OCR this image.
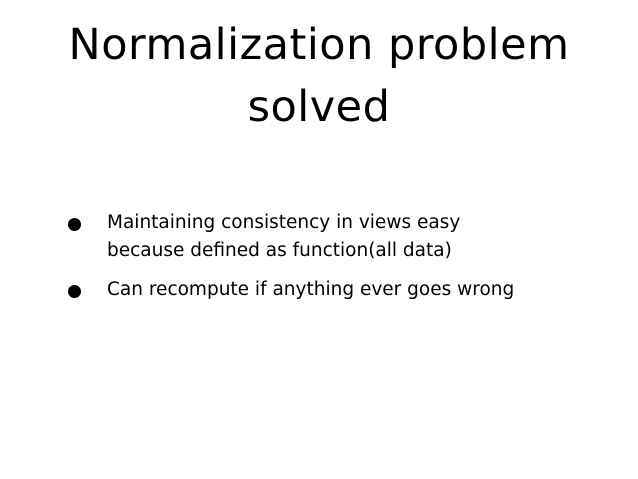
Normalization problem solved
Maintaining consistency in views easy because defined as function(all data)
Can recompute if anything ever goes wrong
